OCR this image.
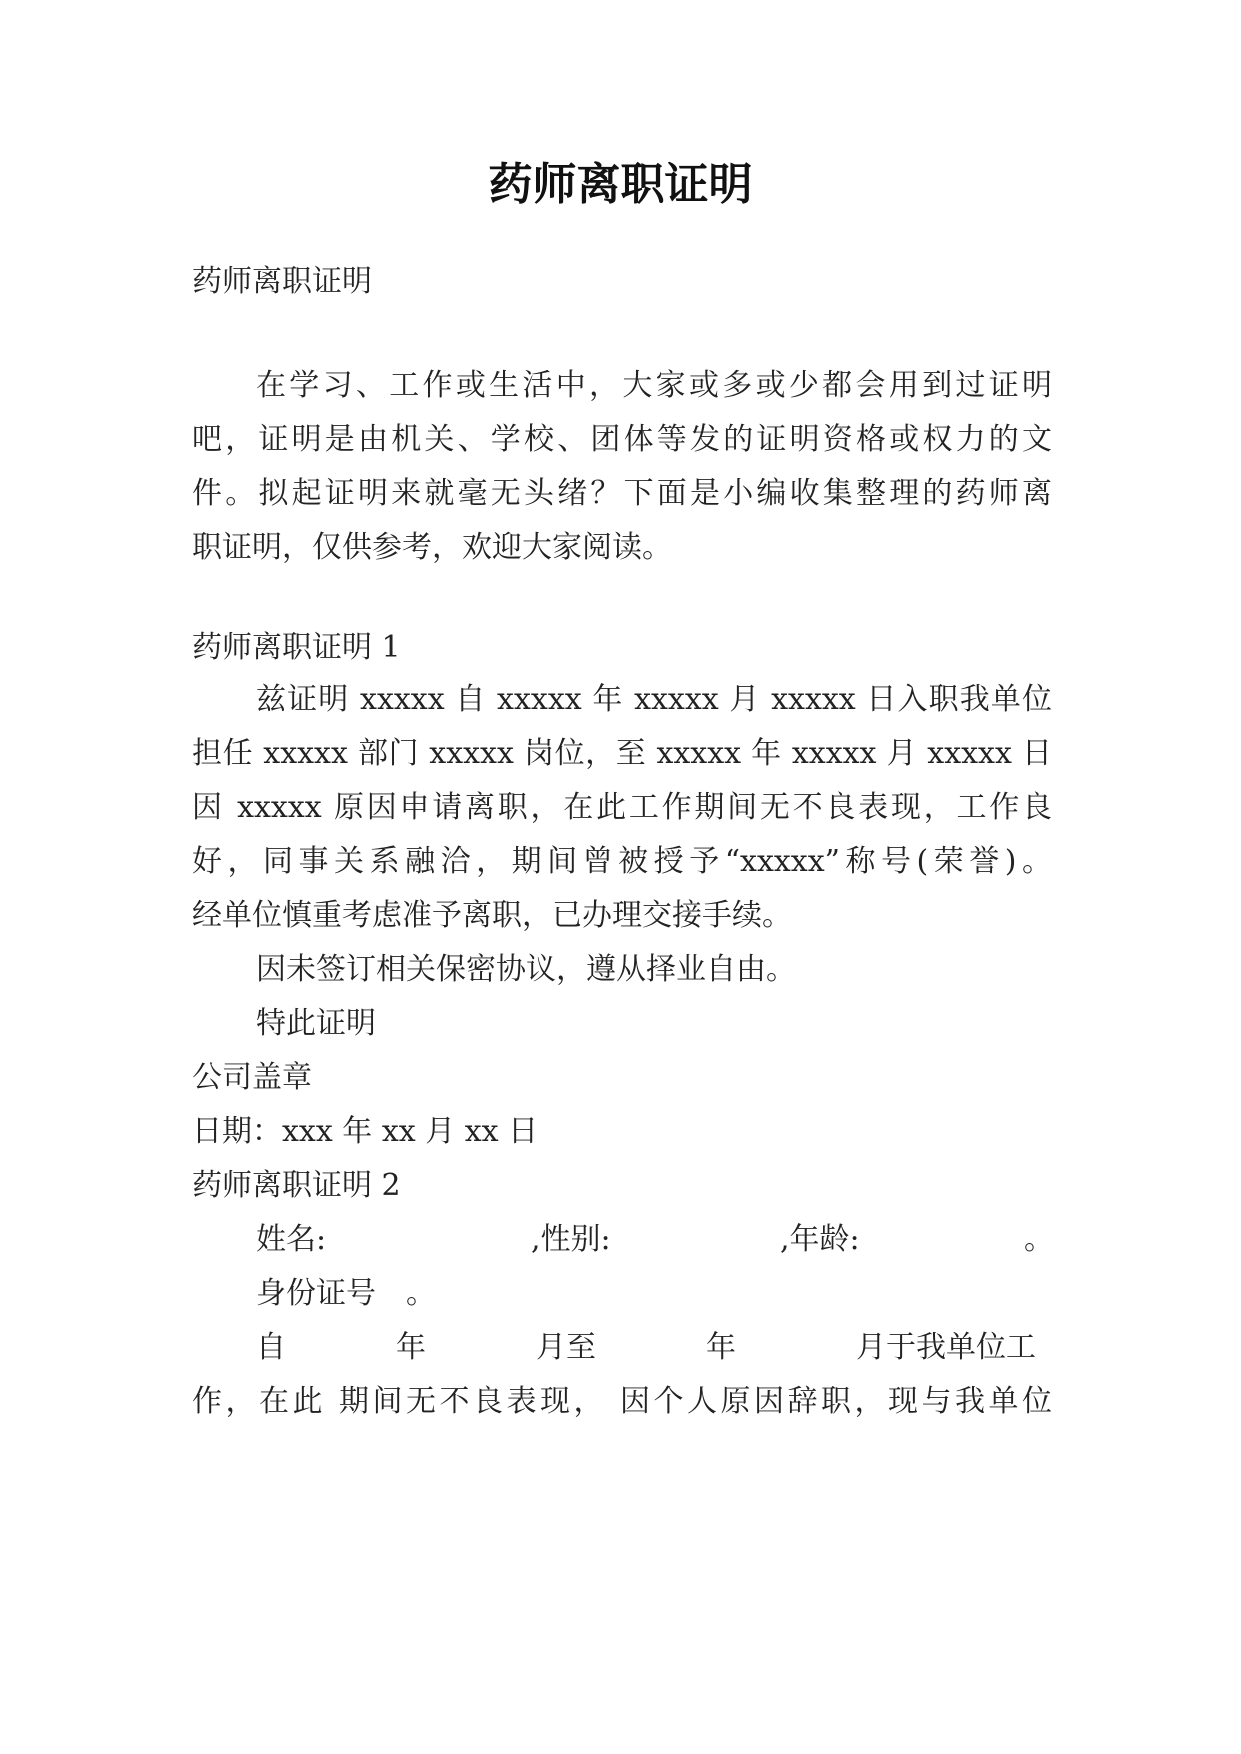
药师离职证明
药师离职证明
在学习、工作或生活中，大家或多或少都会用到过证明
吧，证明是由机关、学校、团体等发的证明资格或权力的文
件。拟起证明来就毫无头绪？下面是小编收集整理的药师离
职证明，仅供参考，欢迎大家阅读。
药师离职证明 1
兹证明 xxxxx 自 xxxxx 年 xxxxx 月 xxxxx 日入职我单位
担任 xxxxx 部门 xxxxx 岗位，至 xxxxx 年 xxxxx 月 xxxxx 日
因 xxxxx 原因申请离职，在此工作期间无不良表现，工作良
好，同事关系融洽，期间曾被授予“xxxxx”称号(荣誉)。
经单位慎重考虑准予离职，已办理交接手续。
因未签订相关保密协议，遵从择业自由。
特此证明
公司盖章
日期：xxx 年 xx 月 xx 日
药师离职证明 2
姓名:	,性别:	,年龄:	。
身份证号　。
自	年	月至	年	月于我单位工
作，在此 期间无不良表现， 因个人原因辞职，现与我单位
